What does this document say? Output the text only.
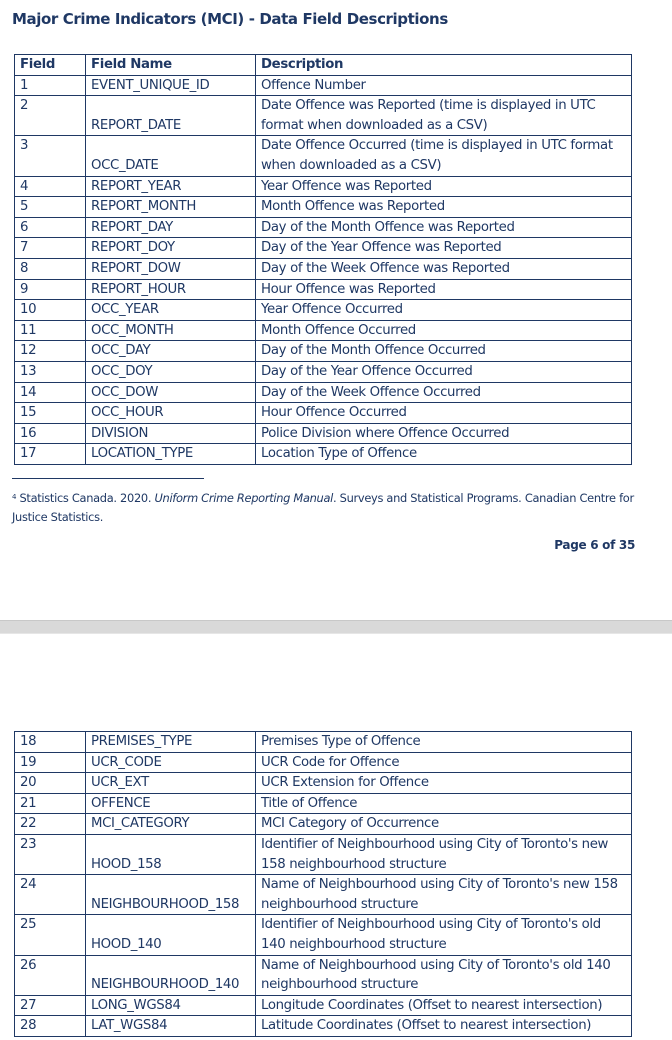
Major Crime Indicators (MCI) - Data Field Descriptions
Field	Field Name	Description
1	EVENT_UNIQUE_ID	Offence Number
2	REPORT_DATE	Date Offence was Reported (time is displayed in UTC format when downloaded as a CSV)
3	OCC_DATE	Date Offence Occurred (time is displayed in UTC format when downloaded as a CSV)
4	REPORT_YEAR	Year Offence was Reported
5	REPORT_MONTH	Month Offence was Reported
6	REPORT_DAY	Day of the Month Offence was Reported
7	REPORT_DOY	Day of the Year Offence was Reported
8	REPORT_DOW	Day of the Week Offence was Reported
9	REPORT_HOUR	Hour Offence was Reported
10	OCC_YEAR	Year Offence Occurred
11	OCC_MONTH	Month Offence Occurred
12	OCC_DAY	Day of the Month Offence Occurred
13	OCC_DOY	Day of the Year Offence Occurred
14	OCC_DOW	Day of the Week Offence Occurred
15	OCC_HOUR	Hour Offence Occurred
16	DIVISION	Police Division where Offence Occurred
17	LOCATION_TYPE	Location Type of Offence
$^4$ Statistics Canada. 2020. Uniform Crime Reporting Manual. Surveys and Statistical Programs. Canadian Centre for Justice Statistics.
Page 6 of 35
18	PREMISES_TYPE	Premises Type of Offence
19	UCR_CODE	UCR Code for Offence
20	UCR_EXT	UCR Extension for Offence
21	OFFENCE	Title of Offence
22	MCI_CATEGORY	MCI Category of Occurrence
23	HOOD_158	Identifier of Neighbourhood using City of Toronto's new 158 neighbourhood structure
24	NEIGHBOURHOOD_158	Name of Neighbourhood using City of Toronto's new 158 neighbourhood structure
25	HOOD_140	Identifier of Neighbourhood using City of Toronto's old 140 neighbourhood structure
26	NEIGHBOURHOOD_140	Name of Neighbourhood using City of Toronto's old 140 neighbourhood structure
27	LONG_WGS84	Longitude Coordinates (Offset to nearest intersection)
28	LAT_WGS84	Latitude Coordinates (Offset to nearest intersection)
